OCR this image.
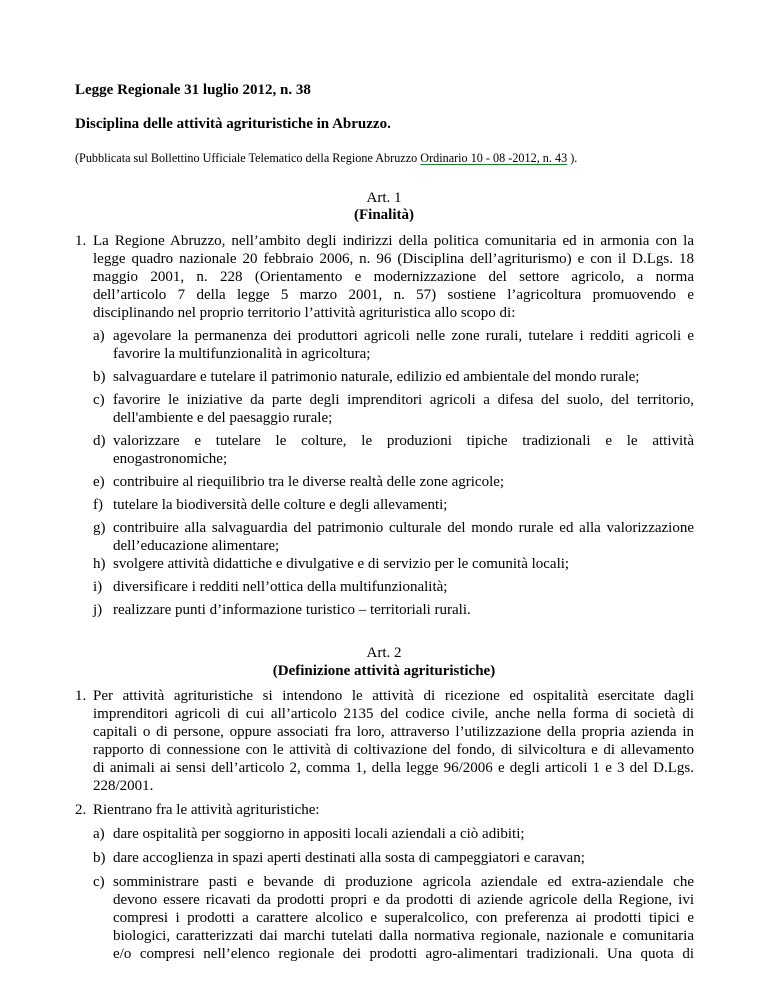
Legge Regionale 31 luglio 2012, n. 38
Disciplina delle attività agrituristiche in Abruzzo.
(Pubblicata sul Bollettino Ufficiale Telematico della Regione Abruzzo Ordinario 10 - 08 -2012, n. 43 ).
Art. 1
(Finalità)
1. La Regione Abruzzo, nell’ambito degli indirizzi della politica comunitaria ed in armonia con la
legge quadro nazionale 20 febbraio 2006, n. 96 (Disciplina dell’agriturismo) e con il D.Lgs. 18
maggio 2001, n. 228 (Orientamento e modernizzazione del settore agricolo, a norma
dell’articolo 7 della legge 5 marzo 2001, n. 57) sostiene l’agricoltura promuovendo e
disciplinando nel proprio territorio l’attività agrituristica allo scopo di:
a) agevolare la permanenza dei produttori agricoli nelle zone rurali, tutelare i redditi agricoli e
favorire la multifunzionalità in agricoltura;
b) salvaguardare e tutelare il patrimonio naturale, edilizio ed ambientale del mondo rurale;
c) favorire le iniziative da parte degli imprenditori agricoli a difesa del suolo, del territorio,
dell'ambiente e del paesaggio rurale;
d) valorizzare e tutelare le colture, le produzioni tipiche tradizionali e le attività
enogastronomiche;
e) contribuire al riequilibrio tra le diverse realtà delle zone agricole;
f) tutelare la biodiversità delle colture e degli allevamenti;
g) contribuire alla salvaguardia del patrimonio culturale del mondo rurale ed alla valorizzazione
dell’educazione alimentare;
h) svolgere attività didattiche e divulgative e di servizio per le comunità locali;
i) diversificare i redditi nell’ottica della multifunzionalità;
j) realizzare punti d’informazione turistico – territoriali rurali.
Art. 2
(Definizione attività agrituristiche)
1. Per attività agrituristiche si intendono le attività di ricezione ed ospitalità esercitate dagli
imprenditori agricoli di cui all’articolo 2135 del codice civile, anche nella forma di società di
capitali o di persone, oppure associati fra loro, attraverso l’utilizzazione della propria azienda in
rapporto di connessione con le attività di coltivazione del fondo, di silvicoltura e di allevamento
di animali ai sensi dell’articolo 2, comma 1, della legge 96/2006 e degli articoli 1 e 3 del D.Lgs.
228/2001.
2. Rientrano fra le attività agrituristiche:
a) dare ospitalità per soggiorno in appositi locali aziendali a ciò adibiti;
b) dare accoglienza in spazi aperti destinati alla sosta di campeggiatori e caravan;
c) somministrare pasti e bevande di produzione agricola aziendale ed extra-aziendale che
devono essere ricavati da prodotti propri e da prodotti di aziende agricole della Regione, ivi
compresi i prodotti a carattere alcolico e superalcolico, con preferenza ai prodotti tipici e
biologici, caratterizzati dai marchi tutelati dalla normativa regionale, nazionale e comunitaria
e/o compresi nell’elenco regionale dei prodotti agro-alimentari tradizionali. Una quota di
